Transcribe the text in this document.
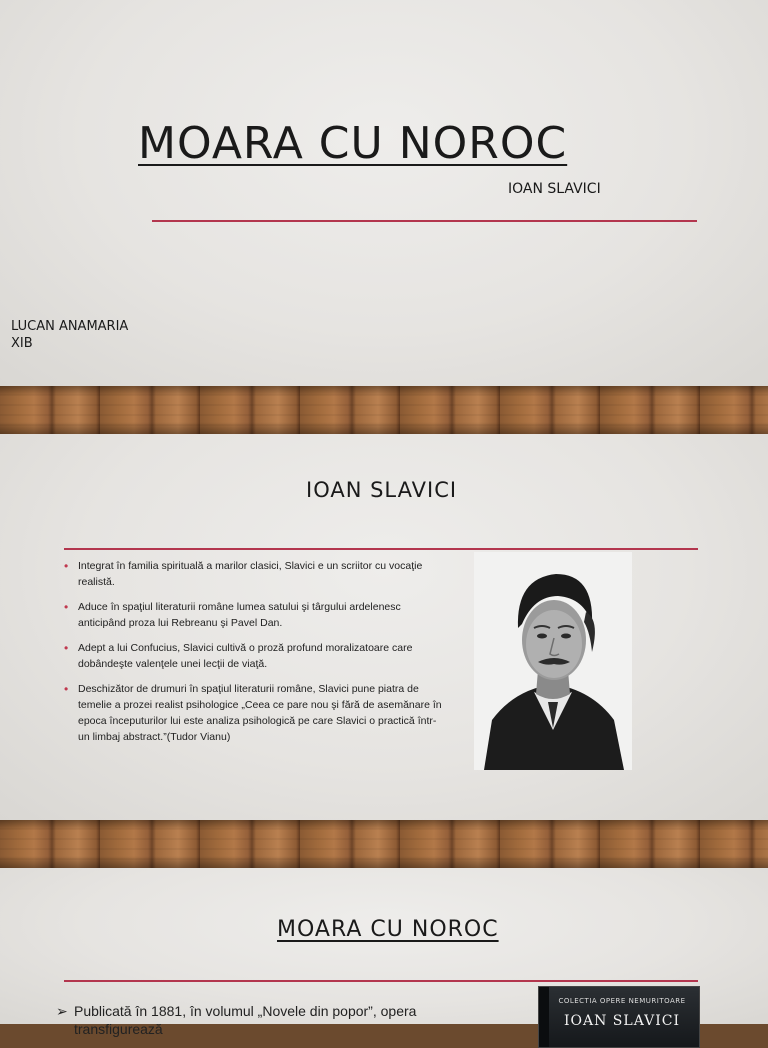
MOARA CU NOROC

IOAN SLAVICI

LUCAN ANAMARIA
XIB
IOAN SLAVICI
• Integrat în familia spirituală a marilor clasici, Slavici e un scriitor cu vocaţie realistă.
• Aduce în spaţiul literaturii române lumea satului şi târgului ardelenesc anticipând proza lui Rebreanu şi Pavel Dan.
• Adept a lui Confucius, Slavici cultivă o proză profund moralizatoare care dobândeşte valenţele unei lecţii de viaţă.
• Deschizător de drumuri în spaţiul literaturii române, Slavici pune piatra de temelie a prozei realist psihologice „Ceea ce pare nou şi fără de asemănare în epoca începuturilor lui este analiza psihologică pe care Slavici o practică într-un limbaj abstract.”(Tudor Vianu)
MOARA CU NOROC
➢ Publicată în 1881, în volumul „Novele din popor”, opera transfigurează
COLECTIA OPERE NEMURITOARE
IOAN SLAVICI
